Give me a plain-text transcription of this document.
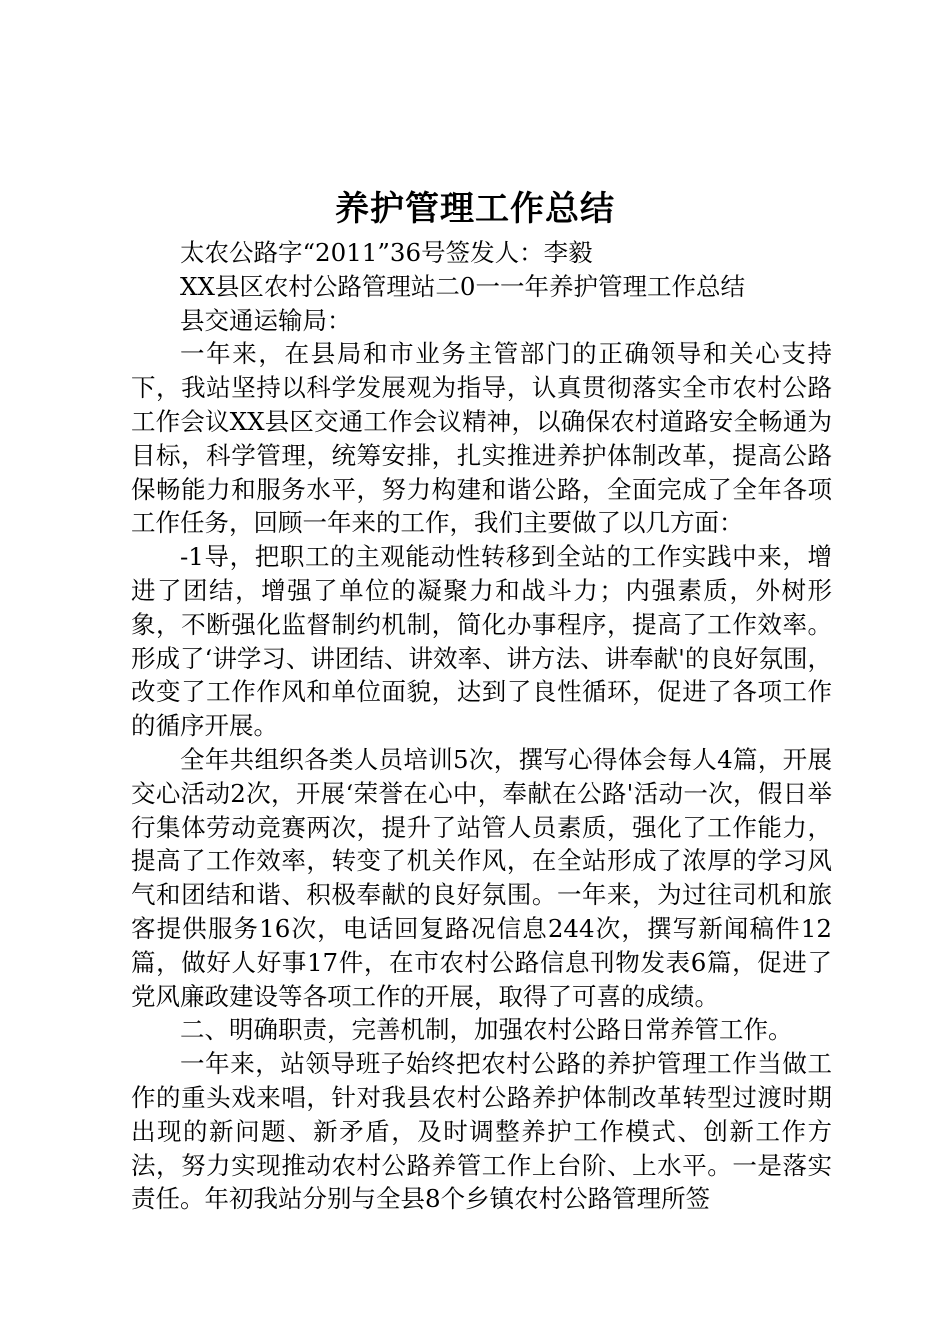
养护管理工作总结

太农公路字“2011”36号签发人：李毅

XX县区农村公路管理站二0一一年养护管理工作总结

县交通运输局：

一年来，在县局和市业务主管部门的正确领导和关心支持下，我站坚持以科学发展观为指导，认真贯彻落实全市农村公路工作会议XX县区交通工作会议精神，以确保农村道路安全畅通为目标，科学管理，统筹安排，扎实推进养护体制改革，提高公路保畅能力和服务水平，努力构建和谐公路，全面完成了全年各项工作任务，回顾一年来的工作，我们主要做了以几方面：

-1导，把职工的主观能动性转移到全站的工作实践中来，增进了团结，增强了单位的凝聚力和战斗力；内强素质，外树形象，不断强化监督制约机制，简化办事程序，提高了工作效率。形成了‘讲学习、讲团结、讲效率、讲方法、讲奉献'的良好氛围，改变了工作作风和单位面貌，达到了良性循环，促进了各项工作的循序开展。

全年共组织各类人员培训5次，撰写心得体会每人4篇，开展交心活动2次，开展‘荣誉在心中，奉献在公路'活动一次，假日举行集体劳动竞赛两次，提升了站管人员素质，强化了工作能力，提高了工作效率，转变了机关作风，在全站形成了浓厚的学习风气和团结和谐、积极奉献的良好氛围。一年来，为过往司机和旅客提供服务16次，电话回复路况信息244次，撰写新闻稿件12篇，做好人好事17件，在市农村公路信息刊物发表6篇，促进了党风廉政建设等各项工作的开展，取得了可喜的成绩。

二、明确职责，完善机制，加强农村公路日常养管工作。

一年来，站领导班子始终把农村公路的养护管理工作当做工作的重头戏来唱，针对我县农村公路养护体制改革转型过渡时期出现的新问题、新矛盾，及时调整养护工作模式、创新工作方法，努力实现推动农村公路养管工作上台阶、上水平。一是落实责任。年初我站分别与全县8个乡镇农村公路管理所签
